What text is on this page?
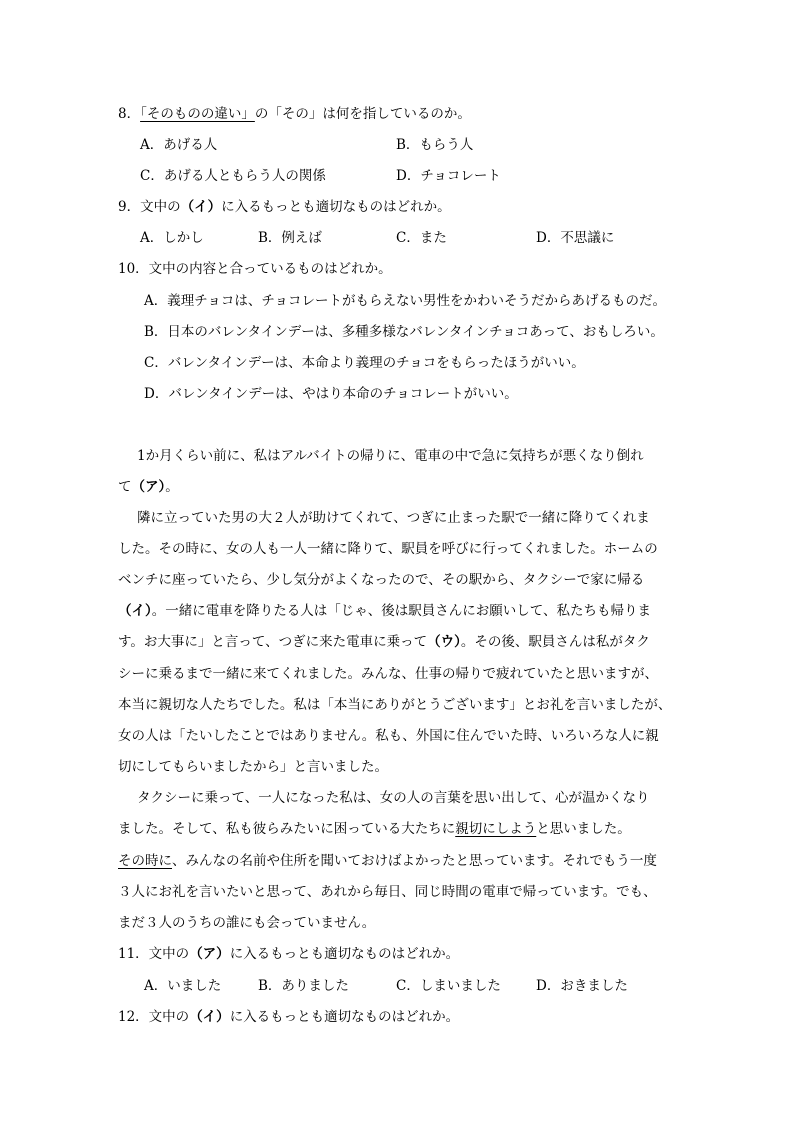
8．「そのものの違い」の「その」は何を指しているのか。
A．あげる人	B．もらう人
C．あげる人ともらう人の関係	D．チョコレート
9．文中の（イ）に入るもっとも適切なものはどれか。
A．しかし	B．例えば	C．また	D．不思議に
10．文中の内容と合っているものはどれか。
A．義理チョコは、チョコレートがもらえない男性をかわいそうだからあげるものだ。
B．日本のバレンタインデーは、多種多様なバレンタインチョコあって、おもしろい。
C．バレンタインデーは、本命より義理のチョコをもらったほうがいい。
D．バレンタインデーは、やはり本命のチョコレートがいい。
1か月くらい前に、私はアルバイトの帰りに、電車の中で急に気持ちが悪くなり倒れ
て（ア）。
隣に立っていた男の大２人が助けてくれて、つぎに止まった駅で一緒に降りてくれま
した。その時に、女の人も一人一緒に降りて、駅員を呼びに行ってくれました。ホームの
ベンチに座っていたら、少し気分がよくなったので、その駅から、タクシーで家に帰る
（イ）。一緒に電車を降りたる人は「じゃ、後は駅員さんにお願いして、私たちも帰りま
す。お大事に」と言って、つぎに来た電車に乗って（ウ）。その後、駅員さんは私がタク
シーに乗るまで一緒に来てくれました。みんな、仕事の帰りで疲れていたと思いますが、
本当に親切な人たちでした。私は「本当にありがとうございます」とお礼を言いましたが、
女の人は「たいしたことではありません。私も、外国に住んでいた時、いろいろな人に親
切にしてもらいましたから」と言いました。
タクシーに乗って、一人になった私は、女の人の言葉を思い出して、心が温かくなり
ました。そして、私も彼らみたいに困っている大たちに親切にしようと思いました。
その時に、みんなの名前や住所を聞いておけばよかったと思っています。それでもう一度
３人にお礼を言いたいと思って、あれから毎日、同じ時間の電車で帰っています。でも、
まだ３人のうちの誰にも会っていません。
11．文中の（ア）に入るもっとも適切なものはどれか。
A．いました	B．ありました	C．しまいました	D．おきました
12．文中の（イ）に入るもっとも適切なものはどれか。
